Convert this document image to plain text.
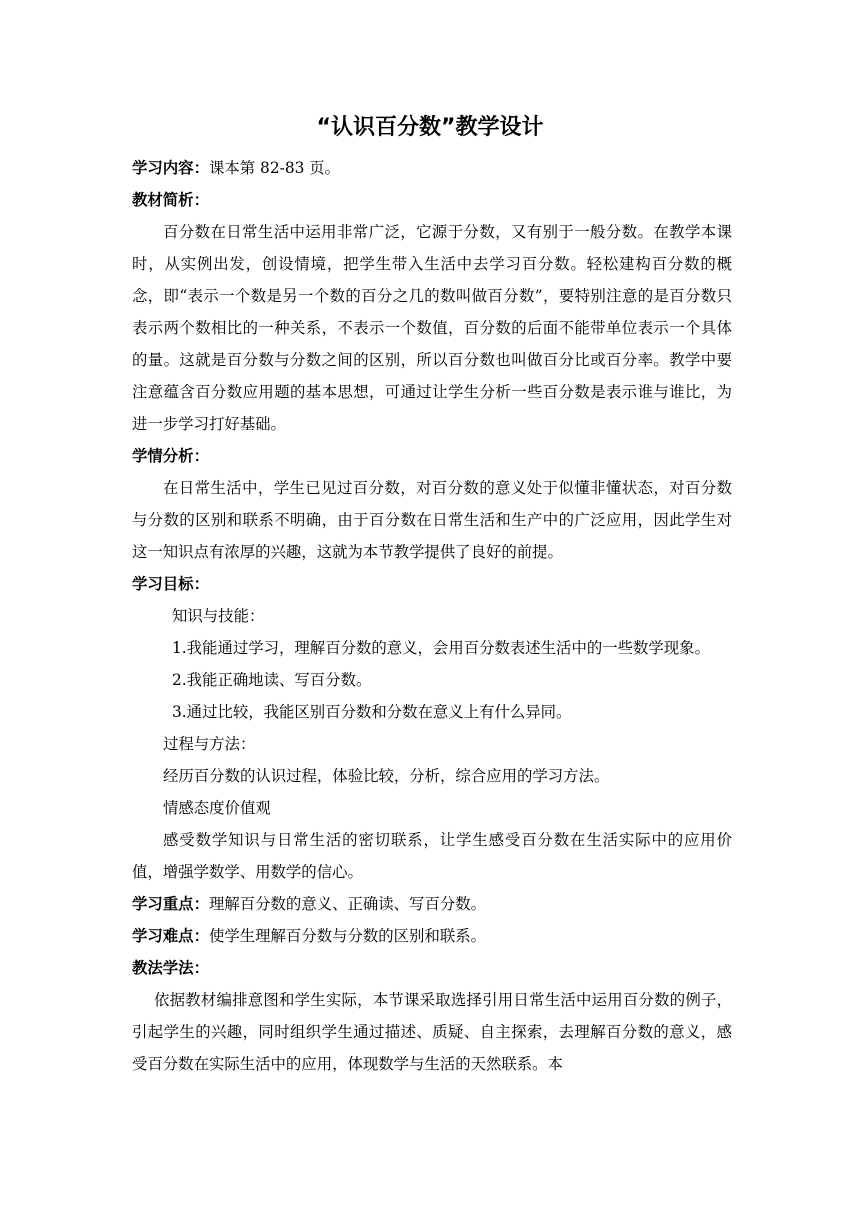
“认识百分数”教学设计

学习内容：课本第 82-83 页。

教材简析：

百分数在日常生活中运用非常广泛，它源于分数，又有别于一般分数。在教学本课时，从实例出发，创设情境，把学生带入生活中去学习百分数。轻松建构百分数的概念，即“表示一个数是另一个数的百分之几的数叫做百分数”，要特别注意的是百分数只表示两个数相比的一种关系，不表示一个数值，百分数的后面不能带单位表示一个具体的量。这就是百分数与分数之间的区别，所以百分数也叫做百分比或百分率。教学中要注意蕴含百分数应用题的基本思想，可通过让学生分析一些百分数是表示谁与谁比，为进一步学习打好基础。

学情分析：

在日常生活中，学生已见过百分数，对百分数的意义处于似懂非懂状态，对百分数与分数的区别和联系不明确，由于百分数在日常生活和生产中的广泛应用，因此学生对这一知识点有浓厚的兴趣，这就为本节教学提供了良好的前提。

学习目标：

知识与技能：

1.我能通过学习，理解百分数的意义，会用百分数表述生活中的一些数学现象。

2.我能正确地读、写百分数。

3.通过比较，我能区别百分数和分数在意义上有什么异同。

过程与方法：

经历百分数的认识过程，体验比较，分析，综合应用的学习方法。

情感态度价值观

感受数学知识与日常生活的密切联系，让学生感受百分数在生活实际中的应用价值，增强学数学、用数学的信心。

学习重点：理解百分数的意义、正确读、写百分数。

学习难点：使学生理解百分数与分数的区别和联系。

教法学法：

依据教材编排意图和学生实际，本节课采取选择引用日常生活中运用百分数的例子，引起学生的兴趣，同时组织学生通过描述、质疑、自主探索，去理解百分数的意义，感受百分数在实际生活中的应用，体现数学与生活的天然联系。本
